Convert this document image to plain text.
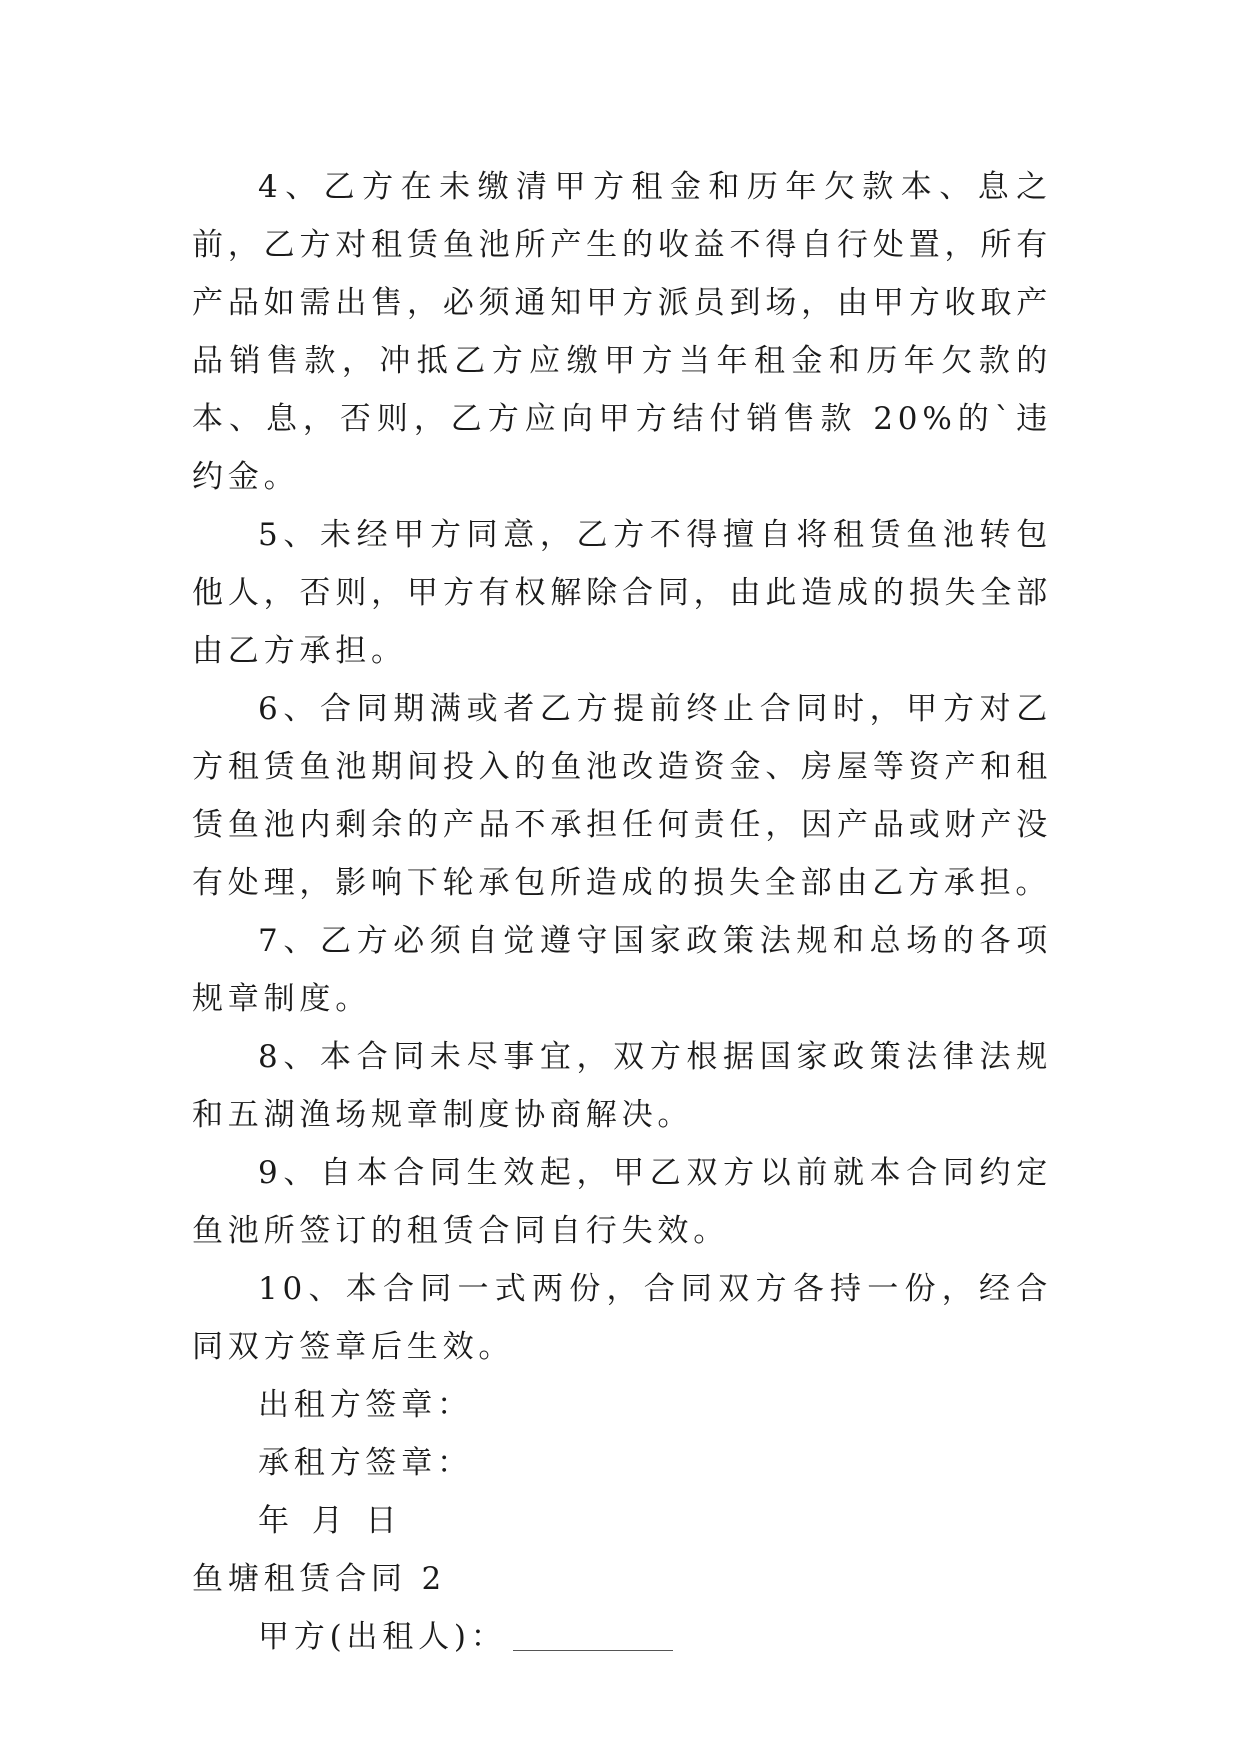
4、乙方在未缴清甲方租金和历年欠款本、息之前，乙方对租赁鱼池所产生的收益不得自行处置，所有产品如需出售，必须通知甲方派员到场，由甲方收取产品销售款，冲抵乙方应缴甲方当年租金和历年欠款的本、息，否则，乙方应向甲方结付销售款 20%的`违约金。

5、未经甲方同意，乙方不得擅自将租赁鱼池转包他人，否则，甲方有权解除合同，由此造成的损失全部由乙方承担。

6、合同期满或者乙方提前终止合同时，甲方对乙方租赁鱼池期间投入的鱼池改造资金、房屋等资产和租赁鱼池内剩余的产品不承担任何责任，因产品或财产没有处理，影响下轮承包所造成的损失全部由乙方承担。

7、乙方必须自觉遵守国家政策法规和总场的各项规章制度。

8、本合同未尽事宜，双方根据国家政策法律法规和五湖渔场规章制度协商解决。

9、自本合同生效起，甲乙双方以前就本合同约定鱼池所签订的租赁合同自行失效。

10、本合同一式两份，合同双方各持一份，经合同双方签章后生效。

出租方签章：

承租方签章：

年 月 日

鱼塘租赁合同 2

甲方(出租人)：
